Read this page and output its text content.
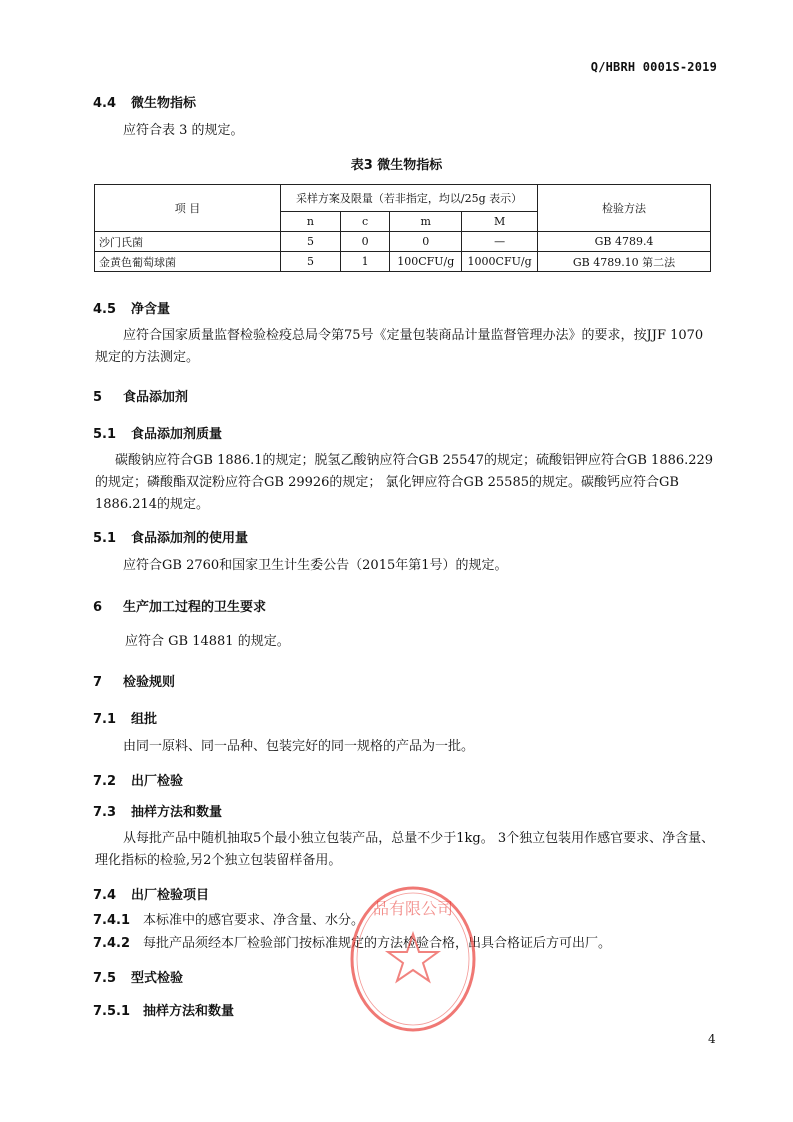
Q/HBRH 0001S-2019
4.4 微生物指标
应符合表 3 的规定。
表3 微生物指标
项 目	采样方案及限量（若非指定，均以/25g 表示）				检验方法
	n	c	m	M	
沙门氏菌	5	0	0	—	GB 4789.4
金黄色葡萄球菌	5	1	100CFU/g	1000CFU/g	GB 4789.10 第二法
4.5 净含量
应符合国家质量监督检验检疫总局令第75号《定量包装商品计量监督管理办法》的要求，按JJF 1070规定的方法测定。
5 食品添加剂
5.1 食品添加剂质量
碳酸钠应符合GB 1886.1的规定；脱氢乙酸钠应符合GB 25547的规定；硫酸铝钾应符合GB 1886.229的规定；磷酸酯双淀粉应符合GB 29926的规定； 氯化钾应符合GB 25585的规定。碳酸钙应符合GB 1886.214的规定。
5.1 食品添加剂的使用量
应符合GB 2760和国家卫生计生委公告（2015年第1号）的规定。
6 生产加工过程的卫生要求
应符合 GB 14881 的规定。
7 检验规则
7.1 组批
由同一原料、同一品种、包装完好的同一规格的产品为一批。
7.2 出厂检验
7.3 抽样方法和数量
从每批产品中随机抽取5个最小独立包装产品，总量不少于1kg。 3个独立包装用作感官要求、净含量、理化指标的检验,另2个独立包装留样备用。
7.4 出厂检验项目
7.4.1 本标准中的感官要求、净含量、水分。
7.4.2 每批产品须经本厂检验部门按标准规定的方法检验合格，出具合格证后方可出厂。
7.5 型式检验
7.5.1 抽样方法和数量
品有限公司
4
